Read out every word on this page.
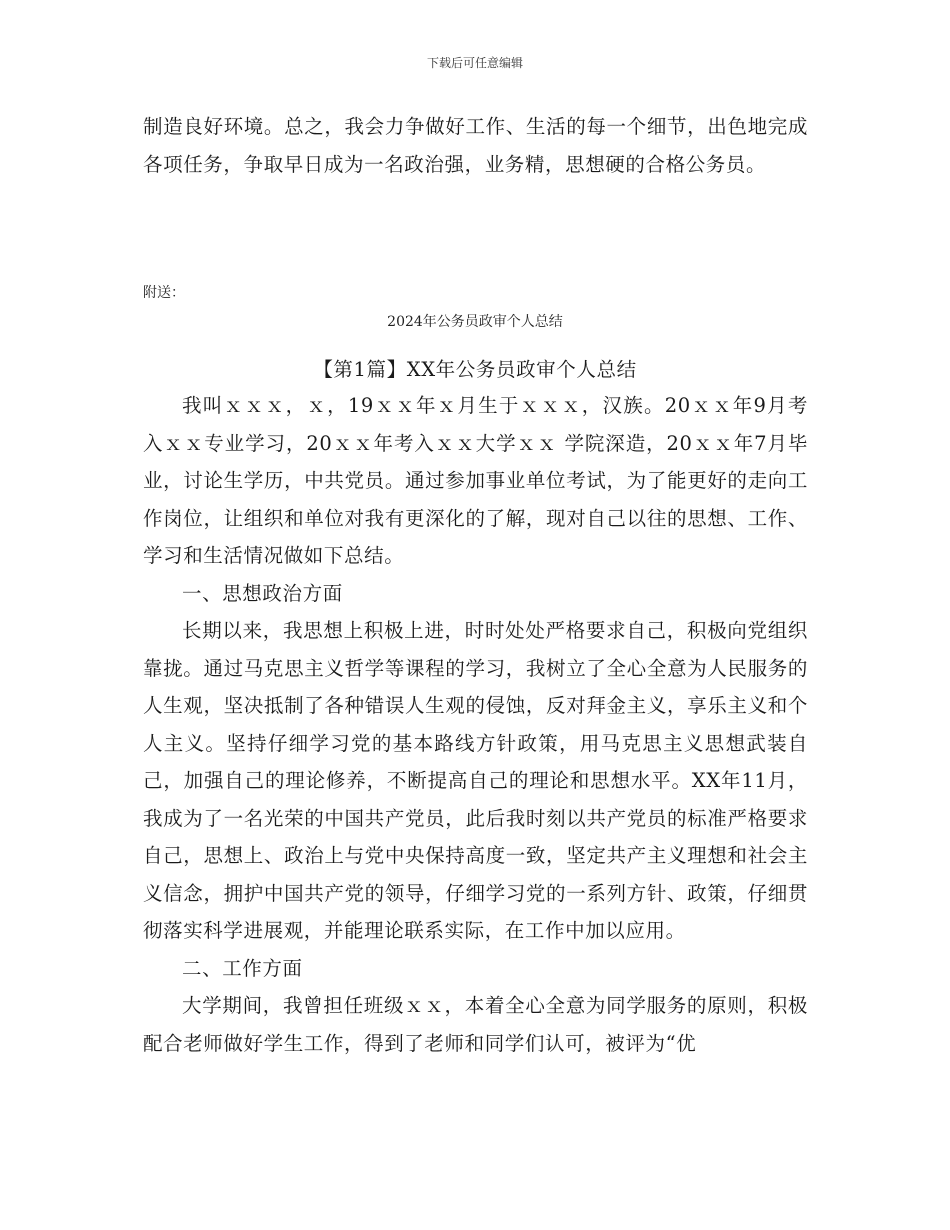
下载后可任意编辑

制造良好环境。总之，我会力争做好工作、生活的每一个细节，出色地完成各项任务，争取早日成为一名政治强，业务精，思想硬的合格公务员。

附送：
2024年公务员政审个人总结
【第1篇】XX年公务员政审个人总结

我叫ｘｘｘ，ｘ，19ｘｘ年ｘ月生于ｘｘｘ，汉族。20ｘｘ年9月考入ｘｘ专业学习，20ｘｘ年考入ｘｘ大学ｘｘ 学院深造，20ｘｘ年7月毕业，讨论生学历，中共党员。通过参加事业单位考试，为了能更好的走向工作岗位，让组织和单位对我有更深化的了解，现对自己以往的思想、工作、学习和生活情况做如下总结。

一、思想政治方面

长期以来，我思想上积极上进，时时处处严格要求自己，积极向党组织靠拢。通过马克思主义哲学等课程的学习，我树立了全心全意为人民服务的人生观，坚决抵制了各种错误人生观的侵蚀，反对拜金主义，享乐主义和个人主义。坚持仔细学习党的基本路线方针政策，用马克思主义思想武装自己，加强自己的理论修养，不断提高自己的理论和思想水平。XX年11月，我成为了一名光荣的中国共产党员，此后我时刻以共产党员的标准严格要求自己，思想上、政治上与党中央保持高度一致，坚定共产主义理想和社会主义信念，拥护中国共产党的领导，仔细学习党的一系列方针、政策，仔细贯彻落实科学进展观，并能理论联系实际，在工作中加以应用。

二、工作方面

大学期间，我曾担任班级ｘｘ，本着全心全意为同学服务的原则，积极配合老师做好学生工作，得到了老师和同学们认可，被评为“优
